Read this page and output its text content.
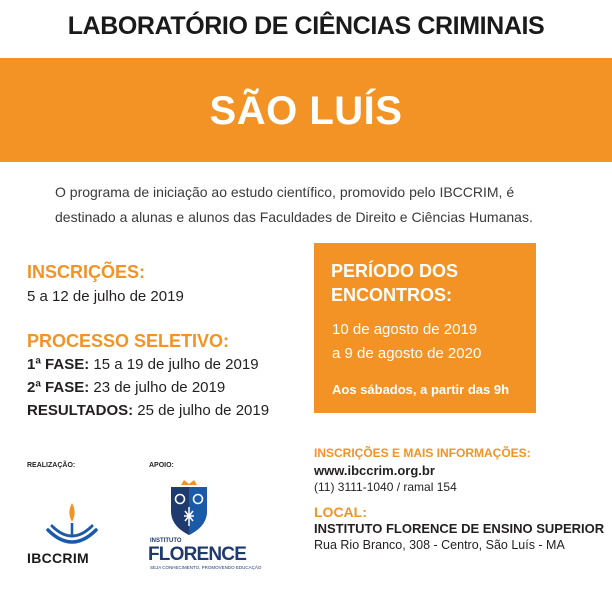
LABORATÓRIO DE CIÊNCIAS CRIMINAIS
SÃO LUÍS
O programa de iniciação ao estudo científico, promovido pelo IBCCRIM, é
destinado a alunas e alunos das Faculdades de Direito e Ciências Humanas.
INSCRIÇÕES:
5 a 12 de julho de 2019
PROCESSO SELETIVO:
1ª FASE: 15 a 19 de julho de 2019
2ª FASE: 23 de julho de 2019
RESULTADOS: 25 de julho de 2019
PERÍODO DOS
ENCONTROS:
10 de agosto de 2019
a 9 de agosto de 2020
Aos sábados, a partir das 9h
INSCRIÇÕES E MAIS INFORMAÇÕES:
www.ibccrim.org.br
(11) 3111-1040 / ramal 154
LOCAL:
INSTITUTO FLORENCE DE ENSINO SUPERIOR
Rua Rio Branco, 308 - Centro, São Luís - MA
REALIZAÇÃO:	APOIO:
IBCCRIM
INSTITUTO
FLORENCE
SEJA CONHECIMENTO, PROMOVENDO EDUCAÇÃO
